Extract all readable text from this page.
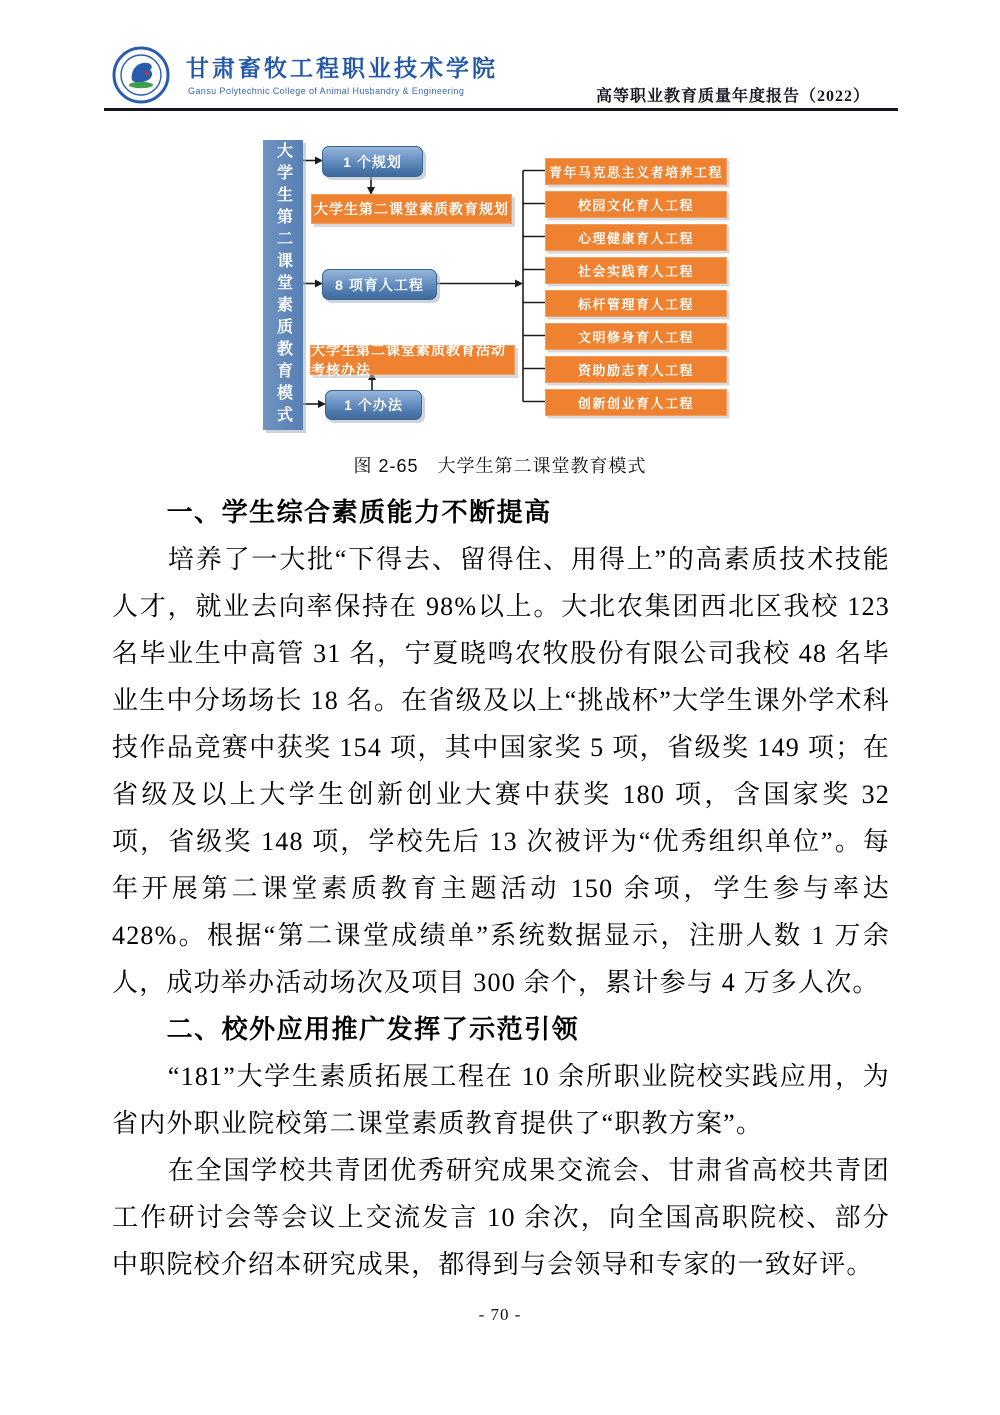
甘肃畜牧工程职业技术学院
Gansu Polytechnic College of Animal Husbandry & Engineering	高等职业教育质量年度报告（2022）
大学生第二课堂素质教育模式	1 个规划
大学生第二课堂素质教育规划
8 项育人工程
大学生第二课堂素质教育活动考核办法
1 个办法
青年马克思主义者培养工程
校园文化育人工程
心理健康育人工程
社会实践育人工程
标杆管理育人工程
文明修身育人工程
资助励志育人工程
创新创业育人工程
图 2-65　大学生第二课堂教育模式
一、学生综合素质能力不断提高

培养了一大批“下得去、留得住、用得上”的高素质技术技能人才，就业去向率保持在 98%以上。大北农集团西北区我校 123 名毕业生中高管 31 名，宁夏晓鸣农牧股份有限公司我校 48 名毕业生中分场场长 18 名。在省级及以上“挑战杯”大学生课外学术科技作品竞赛中获奖 154 项，其中国家奖 5 项，省级奖 149 项；在省级及以上大学生创新创业大赛中获奖 180 项，含国家奖 32 项，省级奖 148 项，学校先后 13 次被评为“优秀组织单位”。每年开展第二课堂素质教育主题活动 150 余项，学生参与率达 428%。根据“第二课堂成绩单”系统数据显示，注册人数 1 万余人，成功举办活动场次及项目 300 余个，累计参与 4 万多人次。

二、校外应用推广发挥了示范引领

“181”大学生素质拓展工程在 10 余所职业院校实践应用，为省内外职业院校第二课堂素质教育提供了“职教方案”。

在全国学校共青团优秀研究成果交流会、甘肃省高校共青团工作研讨会等会议上交流发言 10 余次，向全国高职院校、部分中职院校介绍本研究成果，都得到与会领导和专家的一致好评。

- 70 -
